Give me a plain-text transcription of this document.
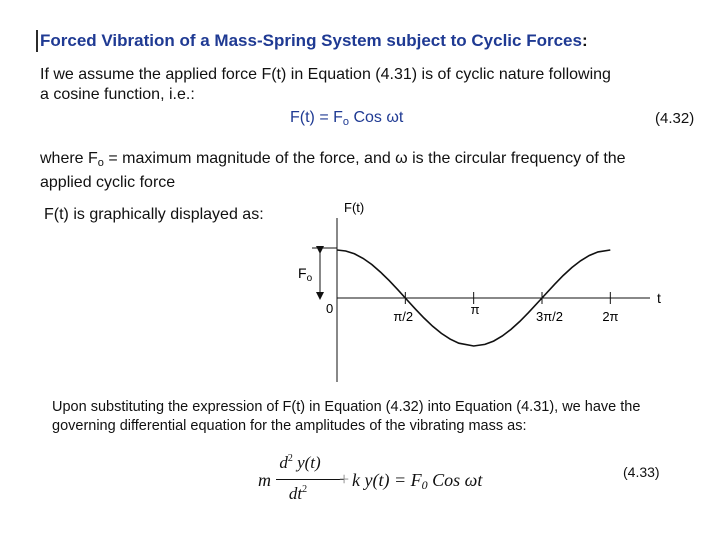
Forced Vibration of a Mass-Spring System subject to Cyclic Forces:
If we assume the applied force F(t) in Equation (4.31) is of cyclic nature following
a cosine function, i.e.:
$F(t) = F_o$ Cos ωt	(4.32)
where $F_o$ = maximum magnitude of the force, and ω is the circular frequency of the
applied cyclic force
F(t) is graphically displayed as:	F(t)
t
$F_o$
0
π/2	π	3π/2	2π
Upon substituting the expression of F(t) in Equation (4.32) into Equation (4.31), we have the
governing differential equation for the amplitudes of the vibrating mass as:
m
$d^2$ y(t)
$dt^2$
+ k $y(t) = F_0$ Cos ωt	(4.33)
